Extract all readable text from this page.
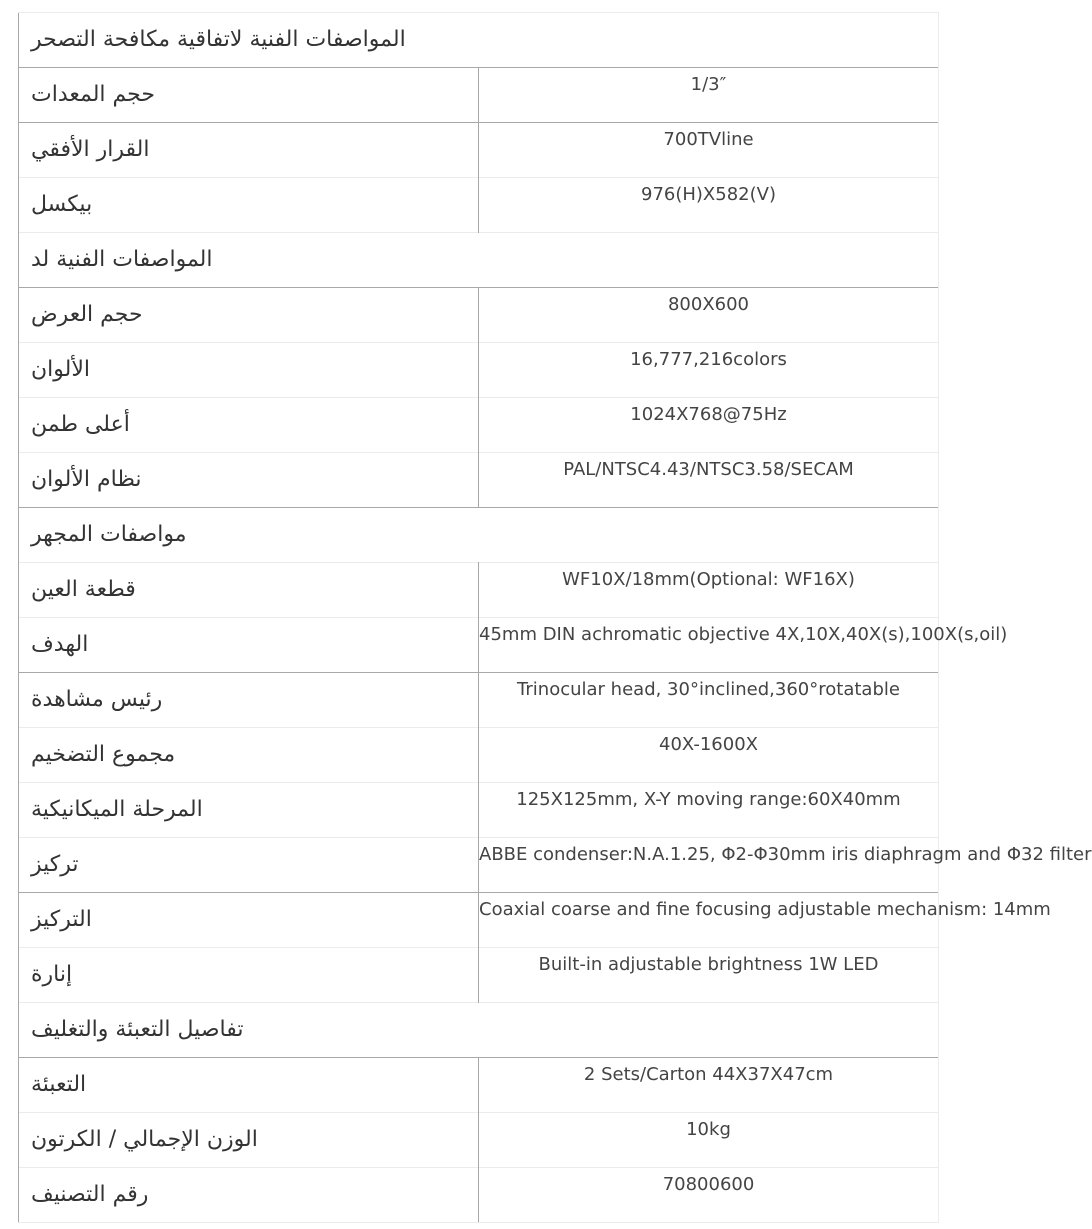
المواصفات الفنية لاتفاقية مكافحة التصحر	
حجم المعدات	1/3″
القرار الأفقي	700TVline
بيكسل	976(H)X582(V)
المواصفات الفنية لد	
حجم العرض	800X600
الألوان	16,777,216colors
أعلى طمن	1024X768@75Hz
نظام الألوان	PAL/NTSC4.43/NTSC3.58/SECAM
مواصفات المجهر	
قطعة العين	WF10X/18mm(Optional: WF16X)
الهدف	45mm DIN achromatic objective 4X,10X,40X(s),100X(s,oil)
رئيس مشاهدة	Trinocular head, 30°inclined,360°rotatable
مجموع التضخيم	40X-1600X
المرحلة الميكانيكية	125X125mm, X-Y moving range:60X40mm
تركيز	ABBE condenser:N.A.1.25, Φ2-Φ30mm iris diaphragm and Φ32 filter
التركيز	Coaxial coarse and fine focusing adjustable mechanism: 14mm
إنارة	Built-in adjustable brightness 1W LED
تفاصيل التعبئة والتغليف	
التعبئة	2 Sets/Carton 44X37X47cm
الوزن الإجمالي / الكرتون	10kg
رقم التصنيف	70800600
